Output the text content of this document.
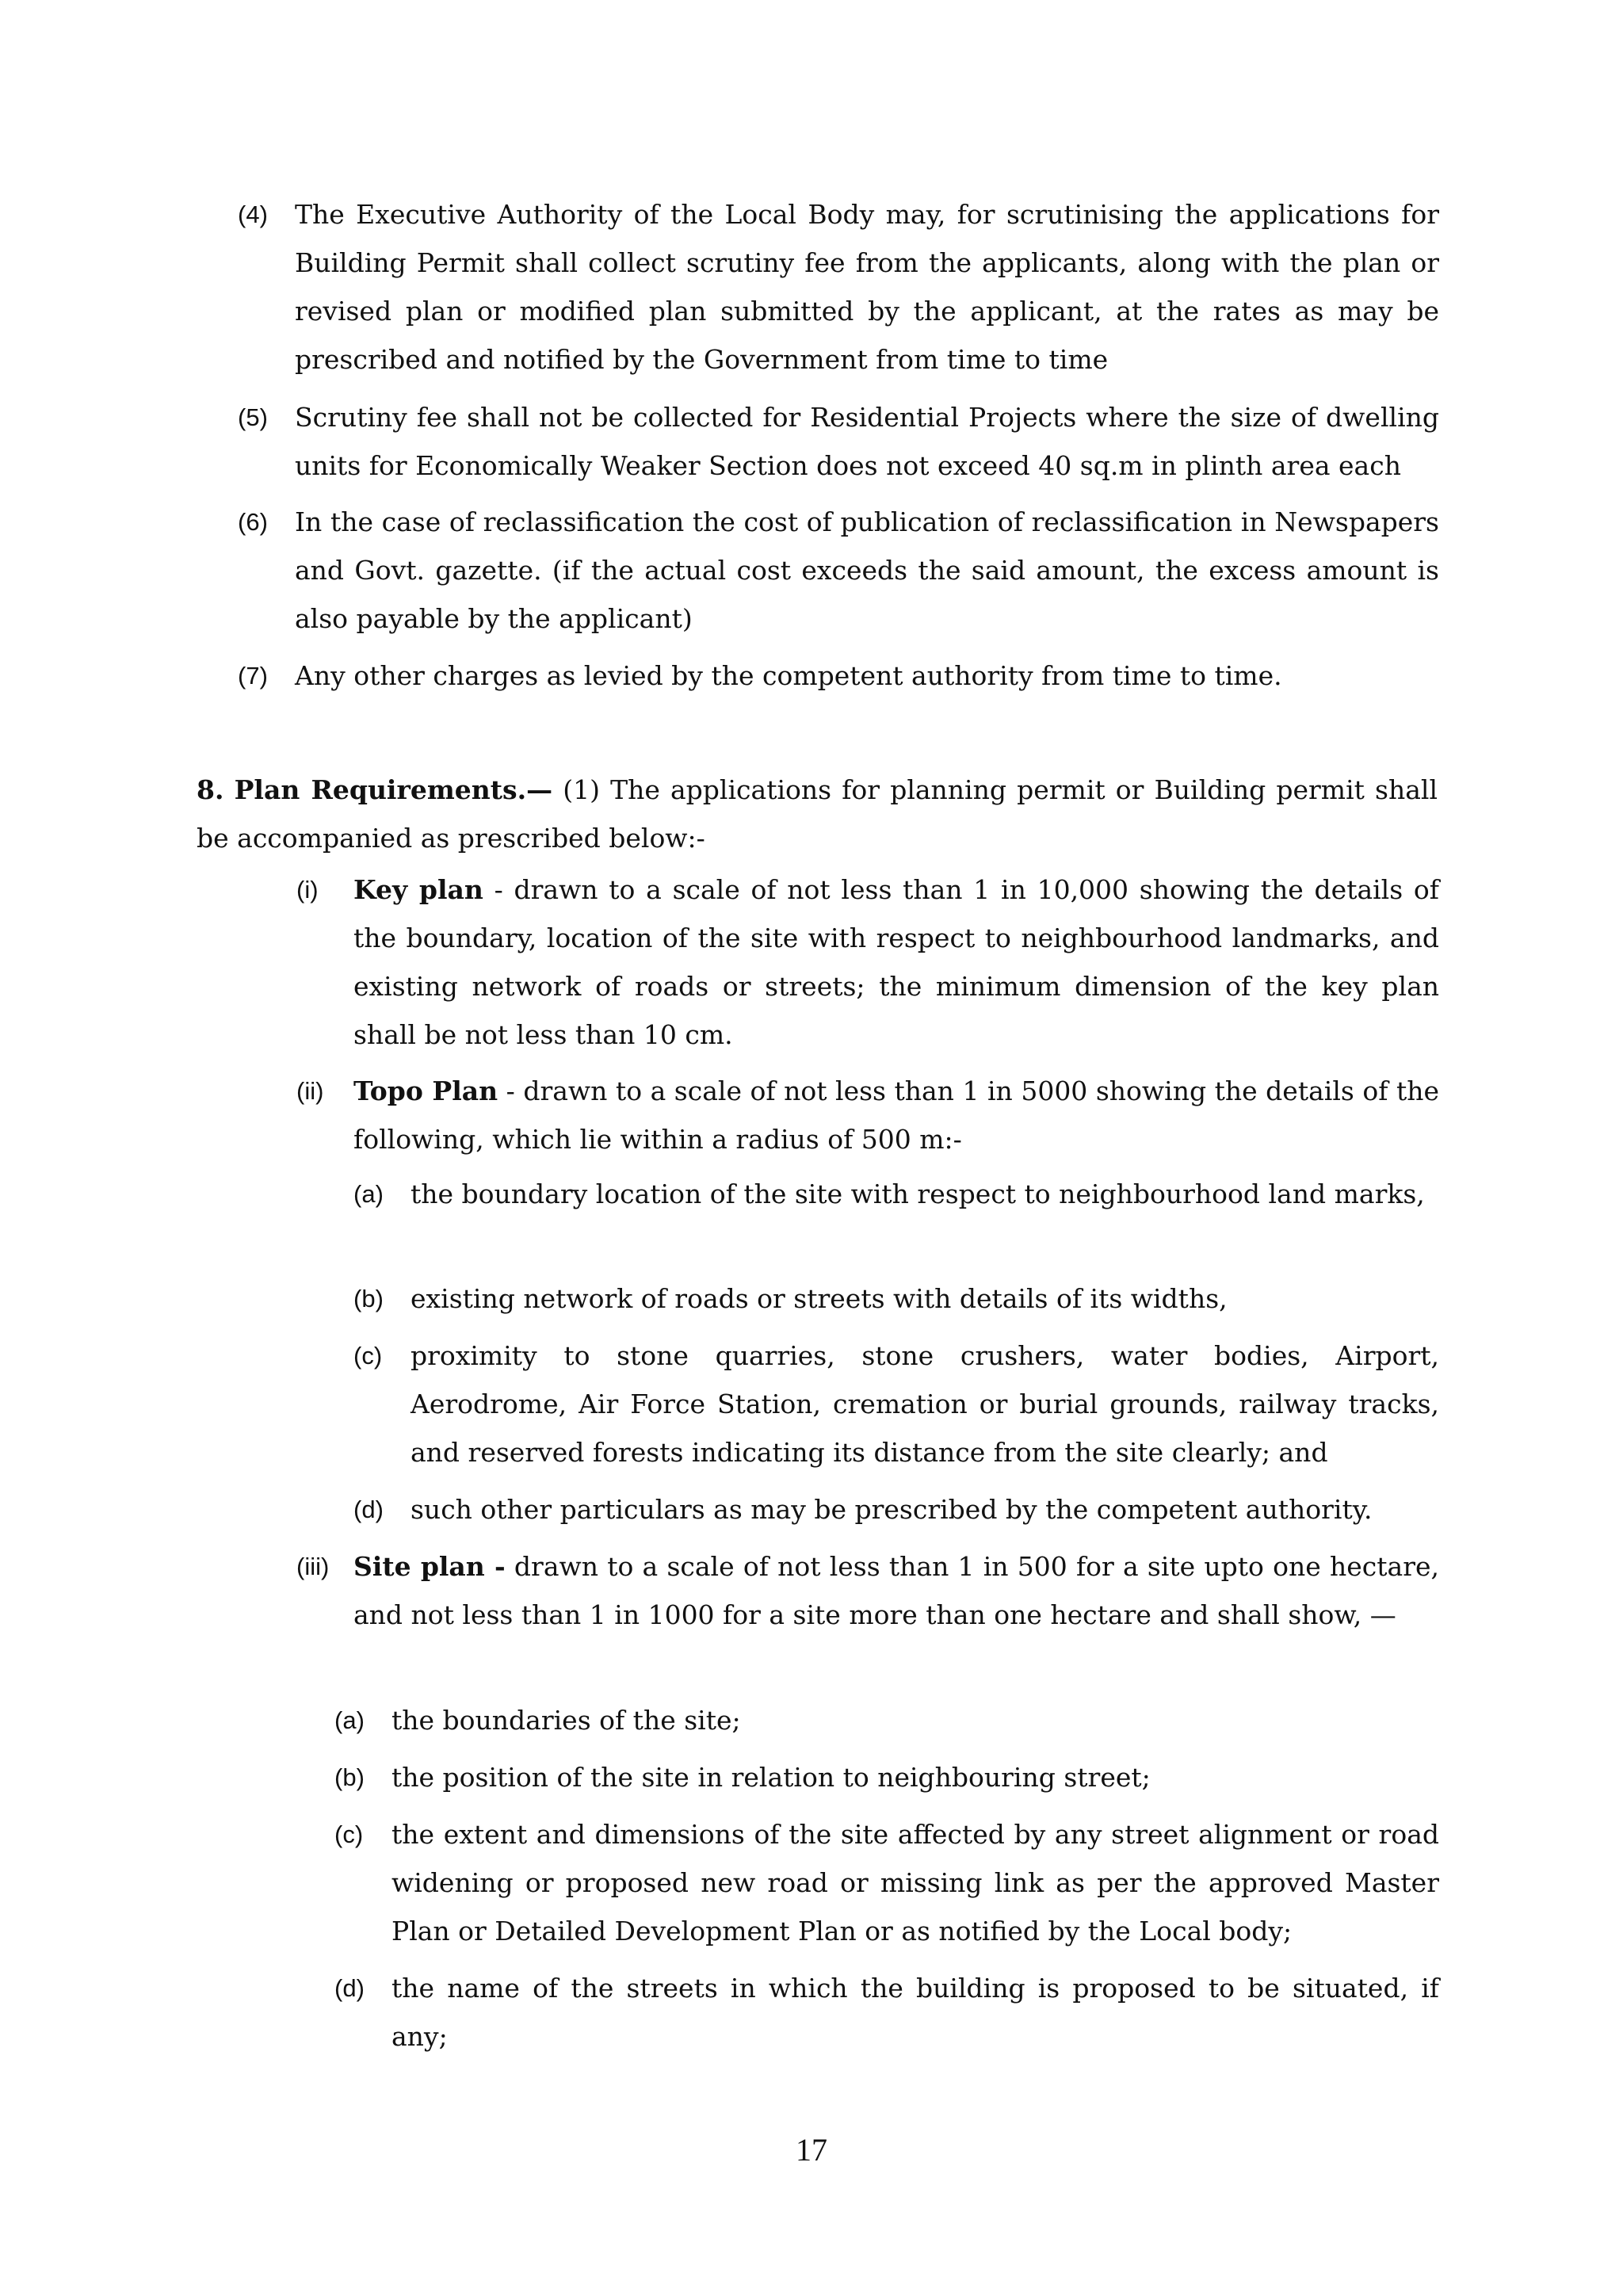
(4)	The Executive Authority of the Local Body may, for scrutinising the applications for Building Permit shall collect scrutiny fee from the applicants, along with the plan or revised plan or modified plan submitted by the applicant, at the rates as may be prescribed and notified by the Government from time to time

(5)	Scrutiny fee shall not be collected for Residential Projects where the size of dwelling units for Economically Weaker Section does not exceed 40 sq.m in plinth area each

(6)	In the case of reclassification the cost of publication of reclassification in Newspapers and Govt. gazette. (if the actual cost exceeds the said amount, the excess amount is also payable by the applicant)

(7)	Any other charges as levied by the competent authority from time to time.

8. Plan Requirements.— (1) The applications for planning permit or Building permit shall be accompanied as prescribed below:-
(i)	Key plan - drawn to a scale of not less than 1 in 10,000 showing the details of the boundary, location of the site with respect to neighbourhood landmarks, and existing network of roads or streets; the minimum dimension of the key plan shall be not less than 10 cm.

(ii)	Topo Plan - drawn to a scale of not less than 1 in 5000 showing the details of the following, which lie within a radius of 500 m:-

(a)	the boundary location of the site with respect to neighbourhood land marks,

(b)	existing network of roads or streets with details of its widths,

(c)	proximity to stone quarries, stone crushers, water bodies, Airport, Aerodrome, Air Force Station, cremation or burial grounds, railway tracks, and reserved forests indicating its distance from the site clearly; and

(d)	such other particulars as may be prescribed by the competent authority.

(iii) Site plan - drawn to a scale of not less than 1 in 500 for a site upto one hectare, and not less than 1 in 1000 for a site more than one hectare and shall show, —

(a)	the boundaries of the site;

(b)	the position of the site in relation to neighbouring street;

(c)	the extent and dimensions of the site affected by any street alignment or road widening or proposed new road or missing link as per the approved Master Plan or Detailed Development Plan or as notified by the Local body;

(d)	the name of the streets in which the building is proposed to be situated, if any;

17
